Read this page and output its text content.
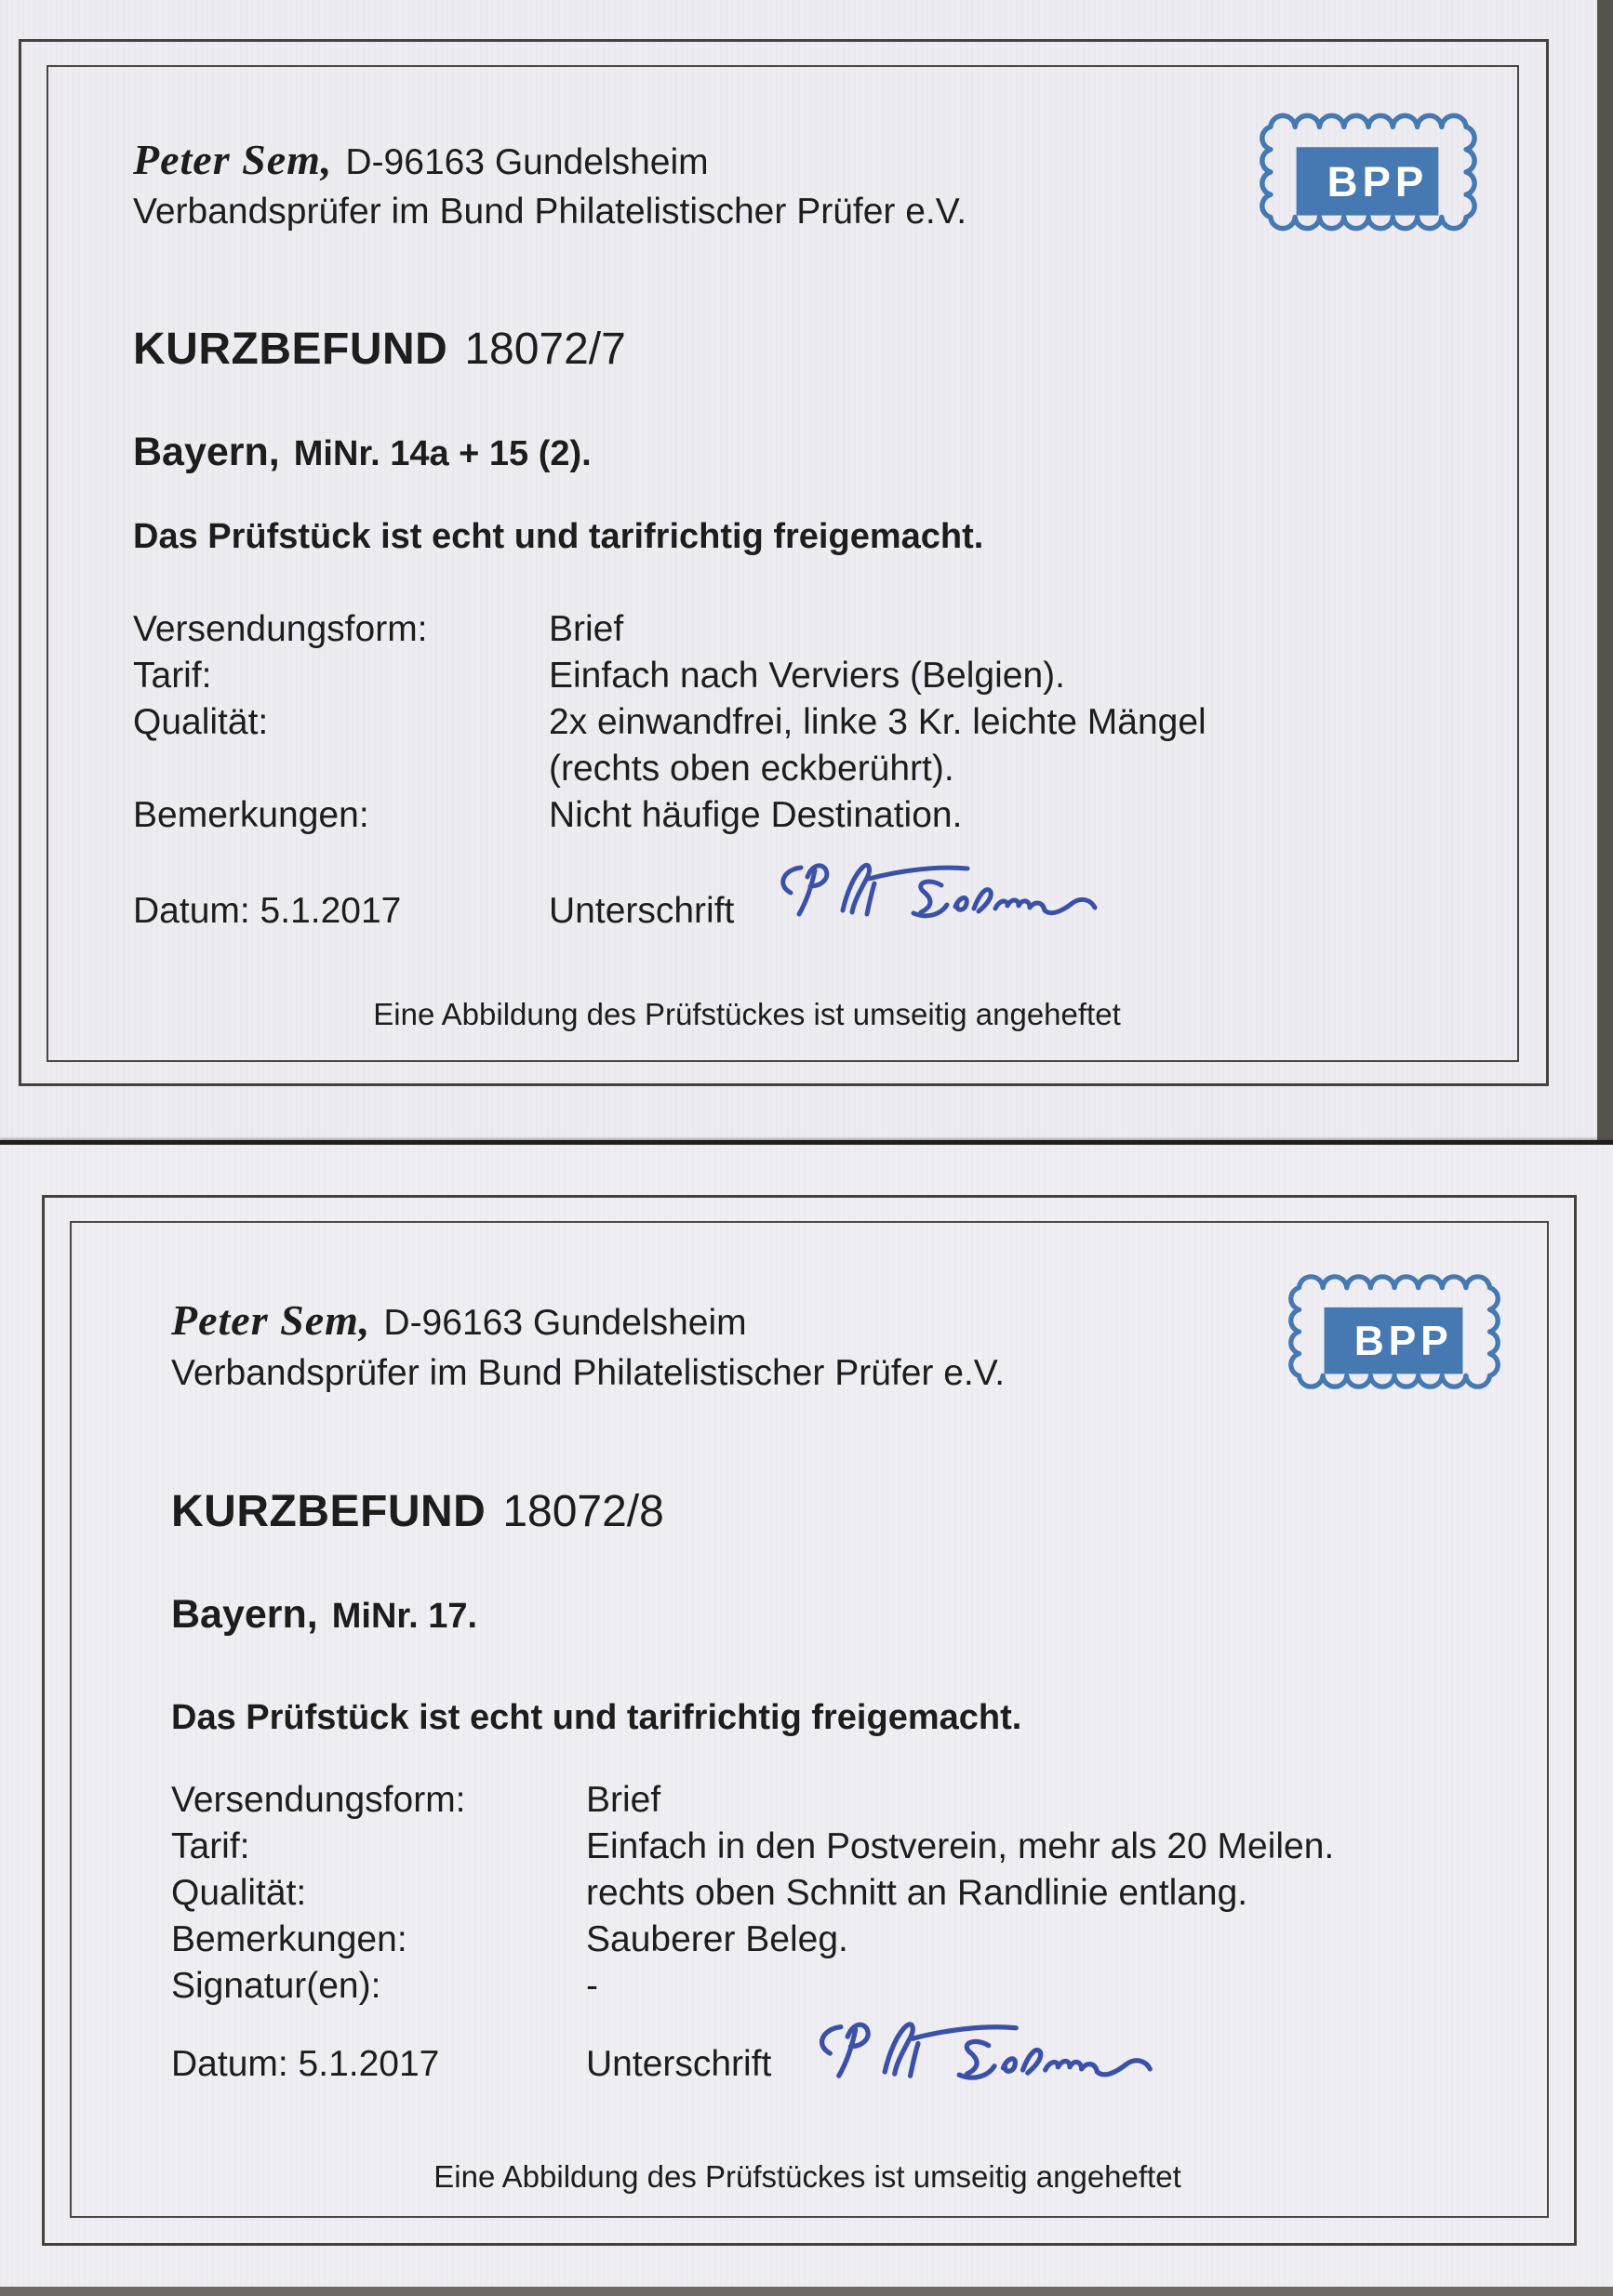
Peter Sem, D-96163 Gundelsheim
Verbandsprüfer im Bund Philatelistischer Prüfer e.V.
BPP
KURZBEFUND 18072/7
Bayern, MiNr. 14a + 15 (2).
Das Prüfstück ist echt und tarifrichtig freigemacht.
Versendungsform:	Brief
Tarif:	Einfach nach Verviers (Belgien).
Qualität:	2x einwandfrei, linke 3 Kr. leichte Mängel
(rechts oben eckberührt).
Bemerkungen:	Nicht häufige Destination.
Datum: 5.1.2017	Unterschrift
Eine Abbildung des Prüfstückes ist umseitig angeheftet
Peter Sem, D-96163 Gundelsheim
Verbandsprüfer im Bund Philatelistischer Prüfer e.V.
BPP
KURZBEFUND 18072/8
Bayern, MiNr. 17.
Das Prüfstück ist echt und tarifrichtig freigemacht.
Versendungsform:	Brief
Tarif:	Einfach in den Postverein, mehr als 20 Meilen.
Qualität:	rechts oben Schnitt an Randlinie entlang.
Bemerkungen:	Sauberer Beleg.
Signatur(en):	-
Datum: 5.1.2017	Unterschrift
Eine Abbildung des Prüfstückes ist umseitig angeheftet
